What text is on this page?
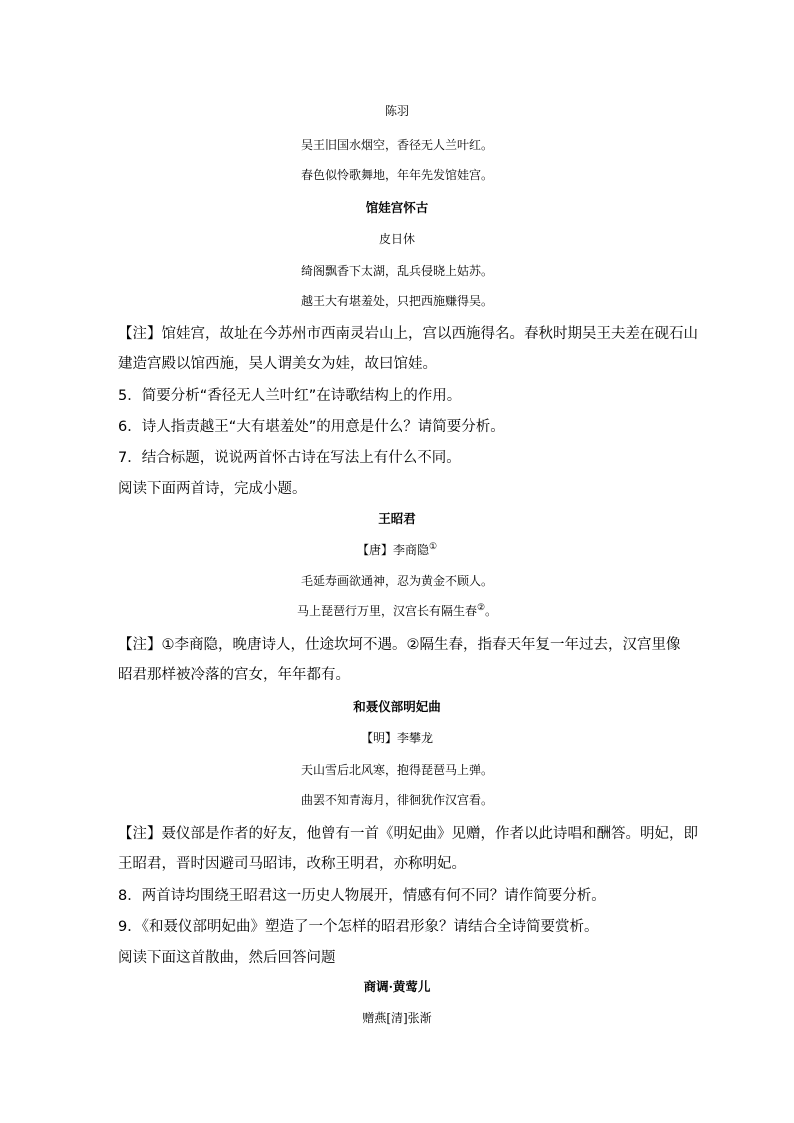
陈羽
吴王旧国水烟空，香径无人兰叶红。
春色似怜歌舞地，年年先发馆娃宫。
馆娃宫怀古
皮日休
绮阁飘香下太湖，乱兵侵晓上姑苏。
越王大有堪羞处，只把西施赚得吴。
【注】馆娃宫，故址在今苏州市西南灵岩山上，宫以西施得名。春秋时期吴王夫差在砚石山
建造宫殿以馆西施，吴人谓美女为娃，故曰馆娃。
5．简要分析“香径无人兰叶红”在诗歌结构上的作用。
6．诗人指责越王“大有堪羞处”的用意是什么？请简要分析。
7．结合标题，说说两首怀古诗在写法上有什么不同。
阅读下面两首诗，完成小题。
王昭君
【唐】李商隐①
毛延寿画欲通神，忍为黄金不顾人。
马上琵琶行万里，汉宫长有隔生春②。
【注】①李商隐，晚唐诗人，仕途坎坷不遇。②隔生春，指春天年复一年过去，汉宫里像
昭君那样被冷落的宫女，年年都有。
和聂仪部明妃曲
【明】李攀龙
天山雪后北风寒，抱得琵琶马上弹。
曲罢不知青海月，徘徊犹作汉宫看。
【注】聂仪部是作者的好友，他曾有一首《明妃曲》见赠，作者以此诗唱和酬答。明妃，即
王昭君，晋时因避司马昭讳，改称王明君，亦称明妃。
8．两首诗均围绕王昭君这一历史人物展开，情感有何不同？请作简要分析。
9．《和聂仪部明妃曲》塑造了一个怎样的昭君形象？请结合全诗简要赏析。
阅读下面这首散曲，然后回答问题
商调·黄莺儿
赠燕[清]张渐
